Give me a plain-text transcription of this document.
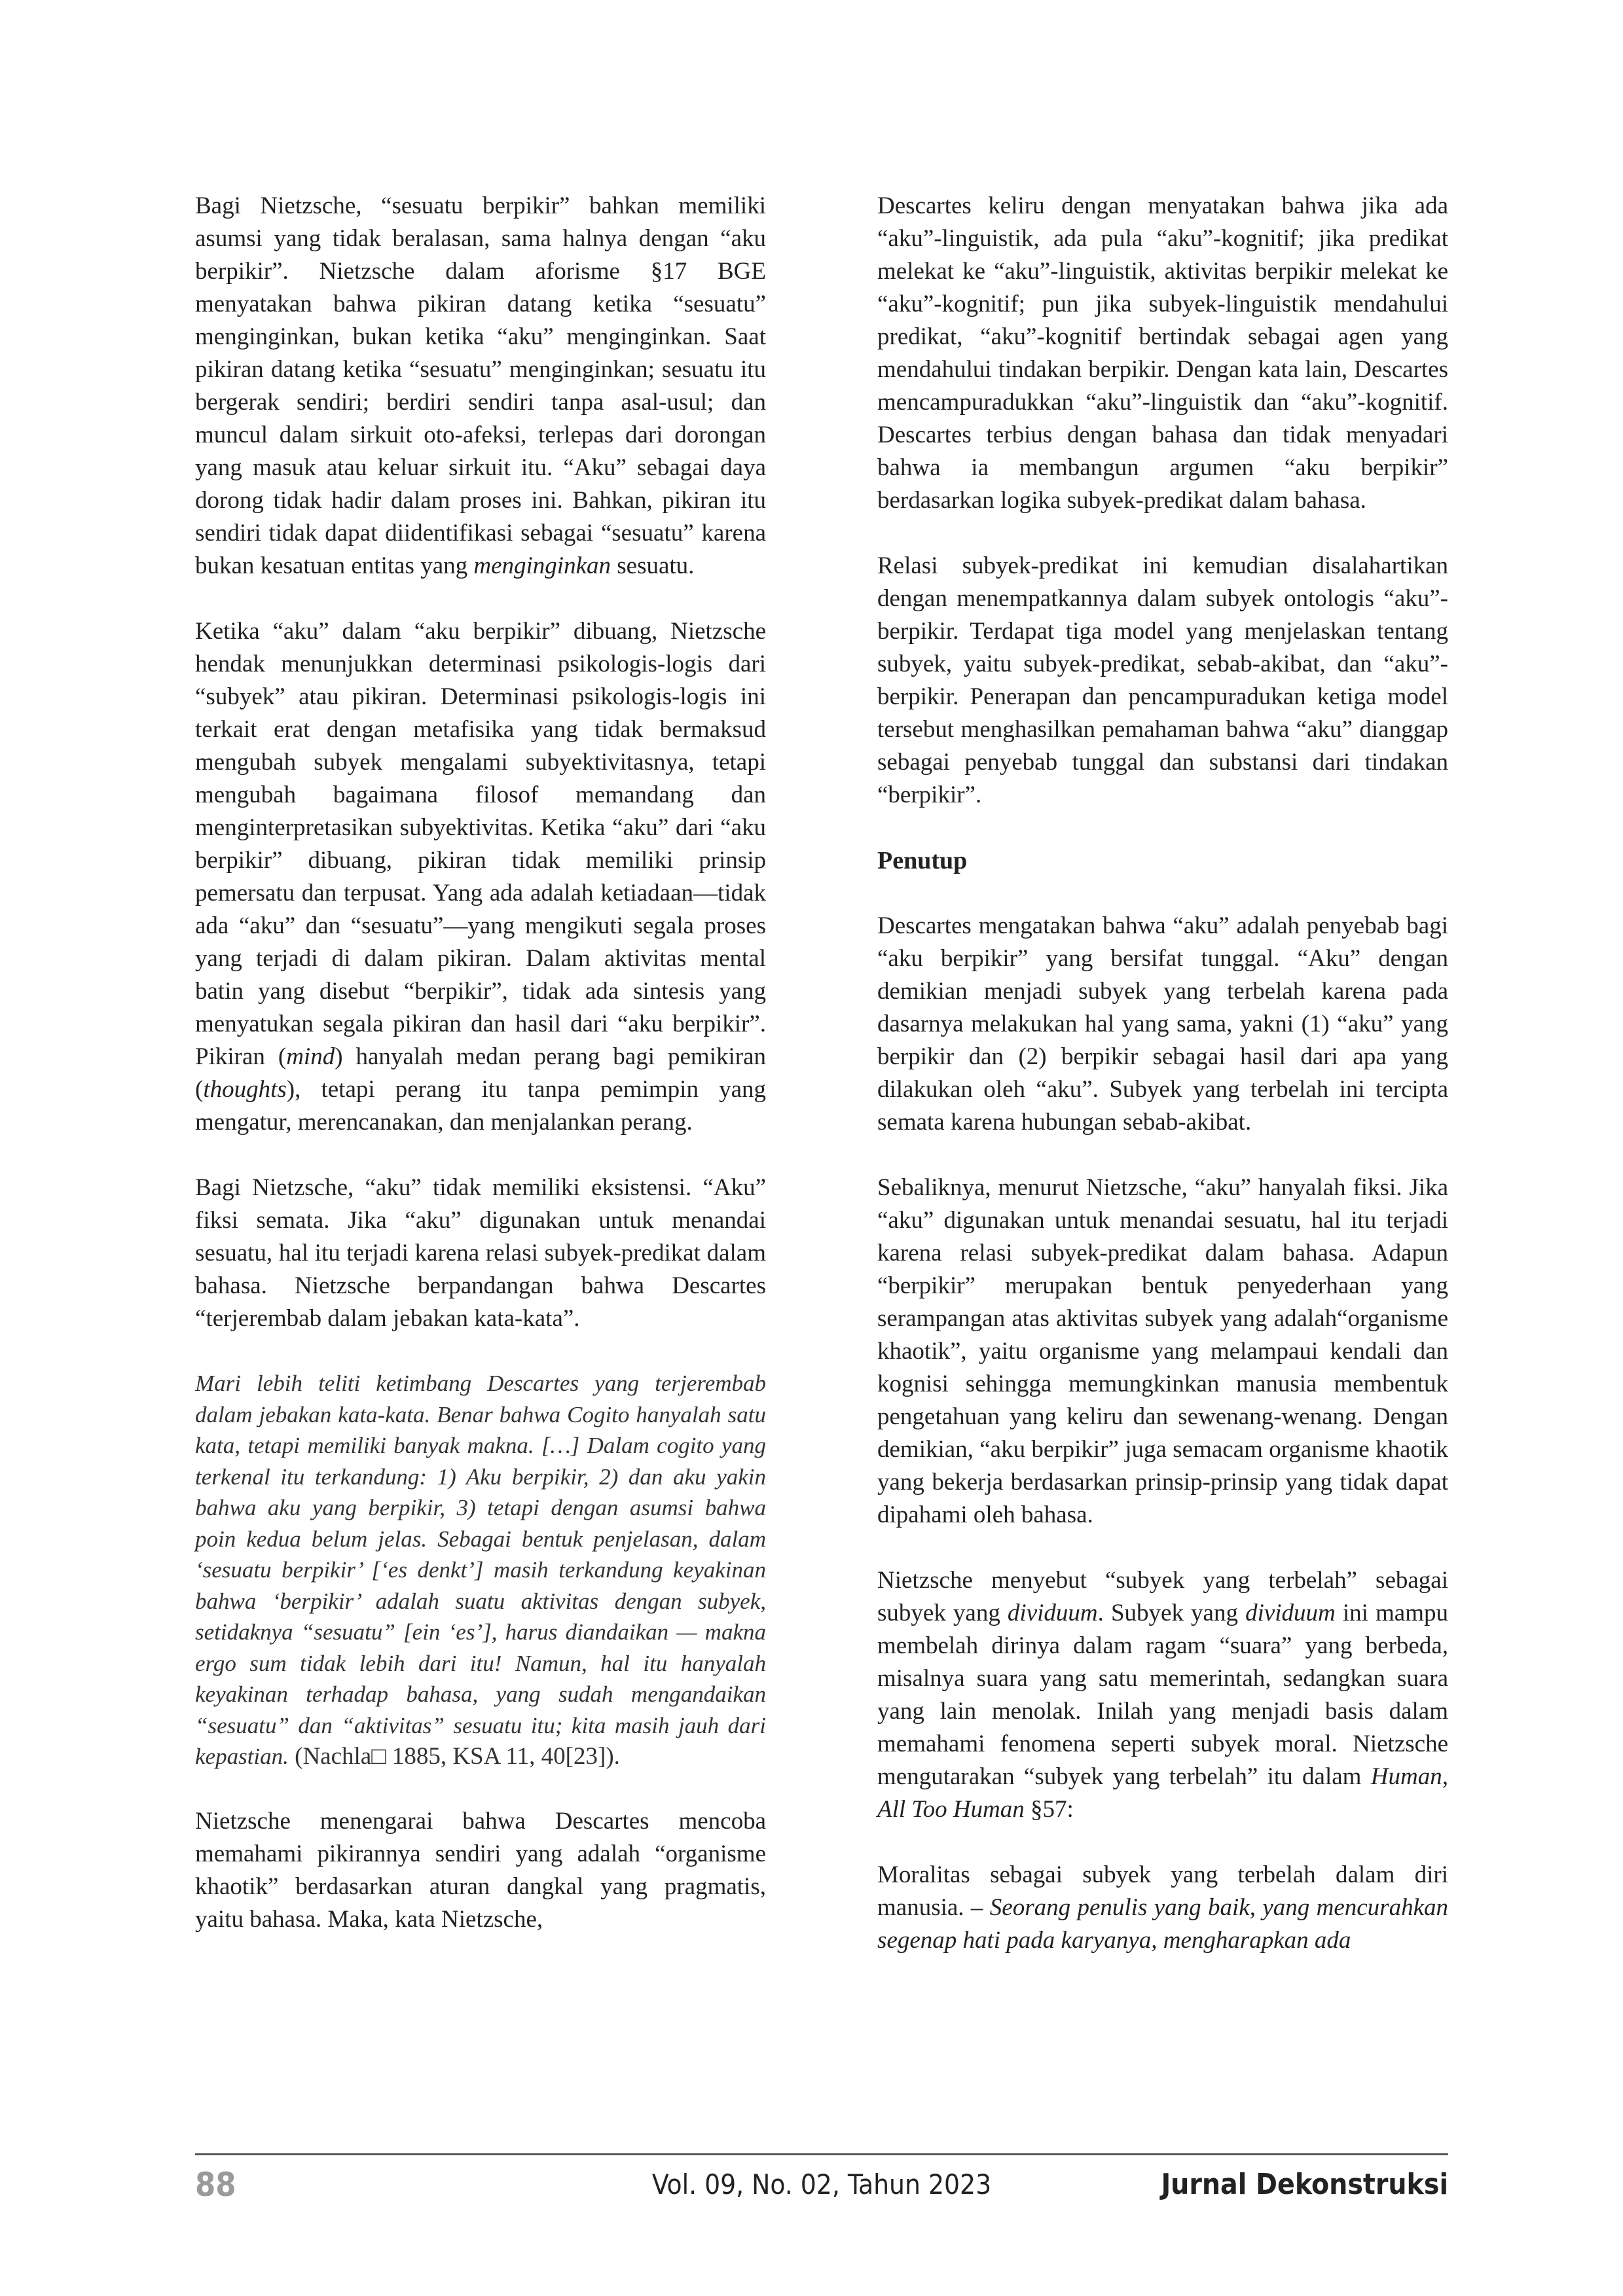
Bagi Nietzsche, “sesuatu berpikir” bahkan memiliki asumsi yang tidak beralasan, sama halnya dengan “aku berpikir”. Nietzsche dalam aforisme §17 BGE menyatakan bahwa pikiran datang ketika “sesuatu” menginginkan, bukan ketika “aku” menginginkan. Saat pikiran datang ketika “sesuatu” menginginkan; sesuatu itu bergerak sendiri; berdiri sendiri tanpa asal-usul; dan muncul dalam sirkuit oto-afeksi, terlepas dari dorongan yang masuk atau keluar sirkuit itu. “Aku” sebagai daya dorong tidak hadir dalam proses ini. Bahkan, pikiran itu sendiri tidak dapat diidentifikasi sebagai “sesuatu” karena bukan kesatuan entitas yang menginginkan sesuatu.

Ketika “aku” dalam “aku berpikir” dibuang, Nietzsche hendak menunjukkan determinasi psikologis-logis dari “subyek” atau pikiran. Determinasi psikologis-logis ini terkait erat dengan metafisika yang tidak bermaksud mengubah subyek mengalami subyektivitasnya, tetapi mengubah bagaimana filosof memandang dan menginterpretasikan subyektivitas. Ketika “aku” dari “aku berpikir” dibuang, pikiran tidak memiliki prinsip pemersatu dan terpusat. Yang ada adalah ketiadaan—tidak ada “aku” dan “sesuatu”—yang mengikuti segala proses yang terjadi di dalam pikiran. Dalam aktivitas mental batin yang disebut “berpikir”, tidak ada sintesis yang menyatukan segala pikiran dan hasil dari “aku berpikir”. Pikiran (mind) hanyalah medan perang bagi pemikiran (thoughts), tetapi perang itu tanpa pemimpin yang mengatur, merencanakan, dan menjalankan perang.

Bagi Nietzsche, “aku” tidak memiliki eksistensi. “Aku” fiksi semata. Jika “aku” digunakan untuk menandai sesuatu, hal itu terjadi karena relasi subyek-predikat dalam bahasa. Nietzsche berpandangan bahwa Descartes “terjerembab dalam jebakan kata-kata”.

Mari lebih teliti ketimbang Descartes yang terjerembab dalam jebakan kata-kata. Benar bahwa Cogito hanyalah satu kata, tetapi memiliki banyak makna. […] Dalam cogito yang terkenal itu terkandung: 1) Aku berpikir, 2) dan aku yakin bahwa aku yang berpikir, 3) tetapi dengan asumsi bahwa poin kedua belum jelas. Sebagai bentuk penjelasan, dalam ‘sesuatu berpikir’ [‘es denkt’] masih terkandung keyakinan bahwa ‘berpikir’ adalah suatu aktivitas dengan subyek, setidaknya “sesuatu” [ein ‘es’], harus diandaikan — makna ergo sum tidak lebih dari itu! Namun, hal itu hanyalah keyakinan terhadap bahasa, yang sudah mengandaikan “sesuatu” dan “aktivitas” sesuatu itu; kita masih jauh dari kepastian. (Nachla□ 1885, KSA 11, 40[23]).

Nietzsche menengarai bahwa Descartes mencoba memahami pikirannya sendiri yang adalah “organisme khaotik” berdasarkan aturan dangkal yang pragmatis, yaitu bahasa. Maka, kata Nietzsche,

Descartes keliru dengan menyatakan bahwa jika ada “aku”-linguistik, ada pula “aku”-kognitif; jika predikat melekat ke “aku”-linguistik, aktivitas berpikir melekat ke “aku”-kognitif; pun jika subyek-linguistik mendahului predikat, “aku”-kognitif bertindak sebagai agen yang mendahului tindakan berpikir. Dengan kata lain, Descartes mencampuradukkan “aku”-linguistik dan “aku”-kognitif. Descartes terbius dengan bahasa dan tidak menyadari bahwa ia membangun argumen “aku berpikir” berdasarkan logika subyek-predikat dalam bahasa.

Relasi subyek-predikat ini kemudian disalahartikan dengan menempatkannya dalam subyek ontologis “aku”-berpikir. Terdapat tiga model yang menjelaskan tentang subyek, yaitu subyek-predikat, sebab-akibat, dan “aku”-berpikir. Penerapan dan pencampuradukan ketiga model tersebut menghasilkan pemahaman bahwa “aku” dianggap sebagai penyebab tunggal dan substansi dari tindakan “berpikir”.

Penutup

Descartes mengatakan bahwa “aku” adalah penyebab bagi “aku berpikir” yang bersifat tunggal. “Aku” dengan demikian menjadi subyek yang terbelah karena pada dasarnya melakukan hal yang sama, yakni (1) “aku” yang berpikir dan (2) berpikir sebagai hasil dari apa yang dilakukan oleh “aku”. Subyek yang terbelah ini tercipta semata karena hubungan sebab-akibat.

Sebaliknya, menurut Nietzsche, “aku” hanyalah fiksi. Jika “aku” digunakan untuk menandai sesuatu, hal itu terjadi karena relasi subyek-predikat dalam bahasa. Adapun “berpikir” merupakan bentuk penyederhaan yang serampangan atas aktivitas subyek yang adalah“organisme khaotik”, yaitu organisme yang melampaui kendali dan kognisi sehingga memungkinkan manusia membentuk pengetahuan yang keliru dan sewenang-wenang. Dengan demikian, “aku berpikir” juga semacam organisme khaotik yang bekerja berdasarkan prinsip-prinsip yang tidak dapat dipahami oleh bahasa.

Nietzsche menyebut “subyek yang terbelah” sebagai subyek yang dividuum. Subyek yang dividuum ini mampu membelah dirinya dalam ragam “suara” yang berbeda, misalnya suara yang satu memerintah, sedangkan suara yang lain menolak. Inilah yang menjadi basis dalam memahami fenomena seperti subyek moral. Nietzsche mengutarakan “subyek yang terbelah” itu dalam Human, All Too Human §57:

Moralitas sebagai subyek yang terbelah dalam diri manusia. – Seorang penulis yang baik, yang mencurahkan segenap hati pada karyanya, mengharapkan ada

88	Vol. 09, No. 02, Tahun 2023	Jurnal Dekonstruksi
